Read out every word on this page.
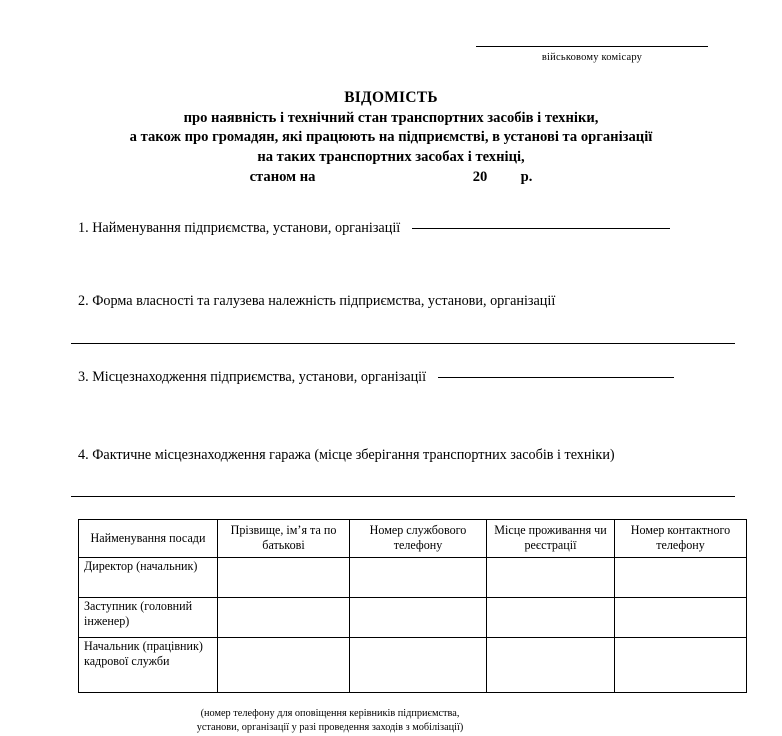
військовому комісару
ВІДОМІСТЬ
про наявність і технічний стан транспортних засобів і техніки,
а також про громадян, які працюють на підприємстві, в установі та організації
на таких транспортних засобах і техніці,
станом на	20 р.
1. Найменування підприємства, установи, організації
2. Форма власності та галузева належність підприємства, установи, організації
3. Місцезнаходження підприємства, установи, організації
4. Фактичне місцезнаходження гаража (місце зберігання транспортних засобів і техніки)
Найменування посади	Прізвище, ім’я та по батькові	Номер службового телефону	Місце проживання чи реєстрації	Номер контактного телефону
Директор (начальник)				
Заступник (головний інженер)				
Начальник (працівник) кадрової служби				
(номер телефону для оповіщення керівників підприємства,
установи, організації у разі проведення заходів з мобілізації)
